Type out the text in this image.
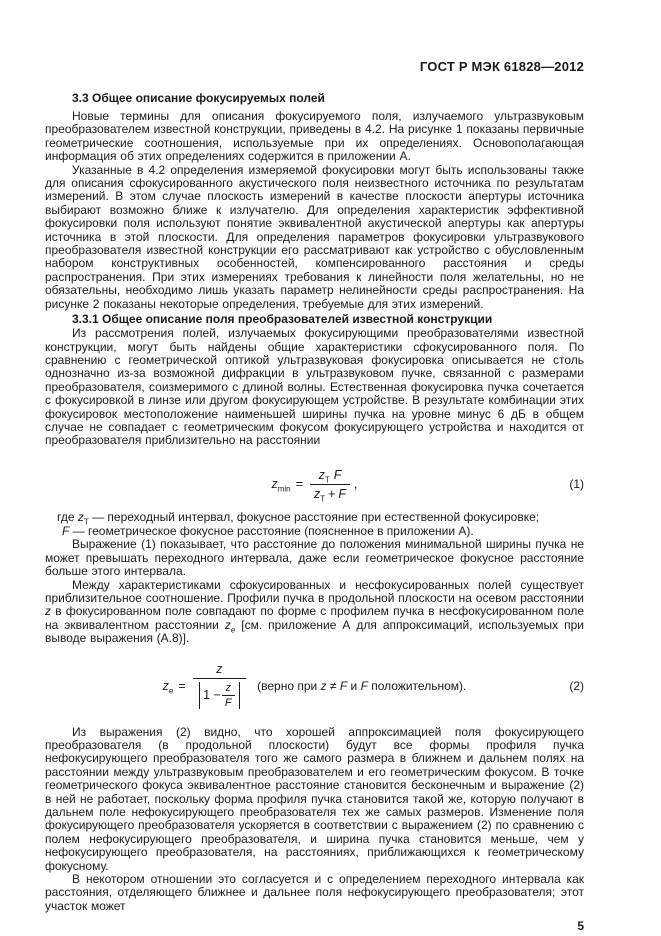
ГОСТ Р МЭК 61828—2012
3.3 Общее описание фокусируемых полей

Новые термины для описания фокусируемого поля, излучаемого ультразвуковым преобразователем известной конструкции, приведены в 4.2. На рисунке 1 показаны первичные геометрические соотношения, используемые при их определениях. Основополагающая информация об этих определениях содержится в приложении А.

Указанные в 4.2 определения измеряемой фокусировки могут быть использованы также для описания сфокусированного акустического поля неизвестного источника по результатам измерений. В этом случае плоскость измерений в качестве плоскости апертуры источника выбирают возможно ближе к излучателю. Для определения характеристик эффективной фокусировки поля используют понятие эквивалентной акустической апертуры как апертуры источника в этой плоскости. Для определения параметров фокусировки ультразвукового преобразователя известной конструкции его рассматривают как устройство с обусловленным набором конструктивных особенностей, компенсированного расстояния и среды распространения. При этих измерениях требования к линейности поля желательны, но не обязательны, необходимо лишь указать параметр нелинейности среды распространения. На рисунке 2 показаны некоторые определения, требуемые для этих измерений.

3.3.1 Общее описание поля преобразователей известной конструкции

Из рассмотрения полей, излучаемых фокусирующими преобразователями известной конструкции, могут быть найдены общие характеристики сфокусированного поля. По сравнению с геометрической оптикой ультразвуковая фокусировка описывается не столь однозначно из-за возможной дифракции в ультразвуковом пучке, связанной с размерами преобразователя, соизмеримого с длиной волны. Естественная фокусировка пучка сочетается с фокусировкой в линзе или другом фокусирующем устройстве. В результате комбинации этих фокусировок местоположение наименьшей ширины пучка на уровне минус 6 дБ в общем случае не совпадает с геометрическим фокусом фокусирующего устройства и находится от преобразователя приблизительно на расстоянии

$z_{min} = \frac{z_T F}{z_T + F}$ ,	(1)
где $z_T$ — переходный интервал, фокусное расстояние при естественной фокусировке;
F — геометрическое фокусное расстояние (поясненное в приложении А).

Выражение (1) показывает, что расстояние до положения минимальной ширины пучка не может превышать переходного интервала, даже если геометрическое фокусное расстояние больше этого интервала.

Между характеристиками сфокусированных и несфокусированных полей существует приблизительное соотношение. Профили пучка в продольной плоскости на осевом расстоянии z в фокусированном поле совпадают по форме с профилем пучка в несфокусированном поле на эквивалентном расстоянии $z_e$ [см. приложение А для аппроксимаций, используемых при выводе выражения (А.8)].

$z_e = \frac{z}{1 - \frac{z}{F}}$ (верно при z ≠ F и F положительном).	(2)

Из выражения (2) видно, что хорошей аппроксимацией поля фокусирующего преобразователя (в продольной плоскости) будут все формы профиля пучка нефокусирующего преобразователя того же самого размера в ближнем и дальнем полях на расстоянии между ультразвуковым преобразователем и его геометрическим фокусом. В точке геометрического фокуса эквивалентное расстояние становится бесконечным и выражение (2) в ней не работает, поскольку форма профиля пучка становится такой же, которую получают в дальнем поле нефокусирующего преобразователя тех же самых размеров. Изменение поля фокусирующего преобразователя ускоряется в соответствии с выражением (2) по сравнению с полем нефокусирующего преобразователя, и ширина пучка становится меньше, чем у нефокусирующего преобразователя, на расстояниях, приближающихся к геометрическому фокусному.

В некотором отношении это согласуется и с определением переходного интервала как расстояния, отделяющего ближнее и дальнее поля нефокусирующего преобразователя; этот участок может

5
